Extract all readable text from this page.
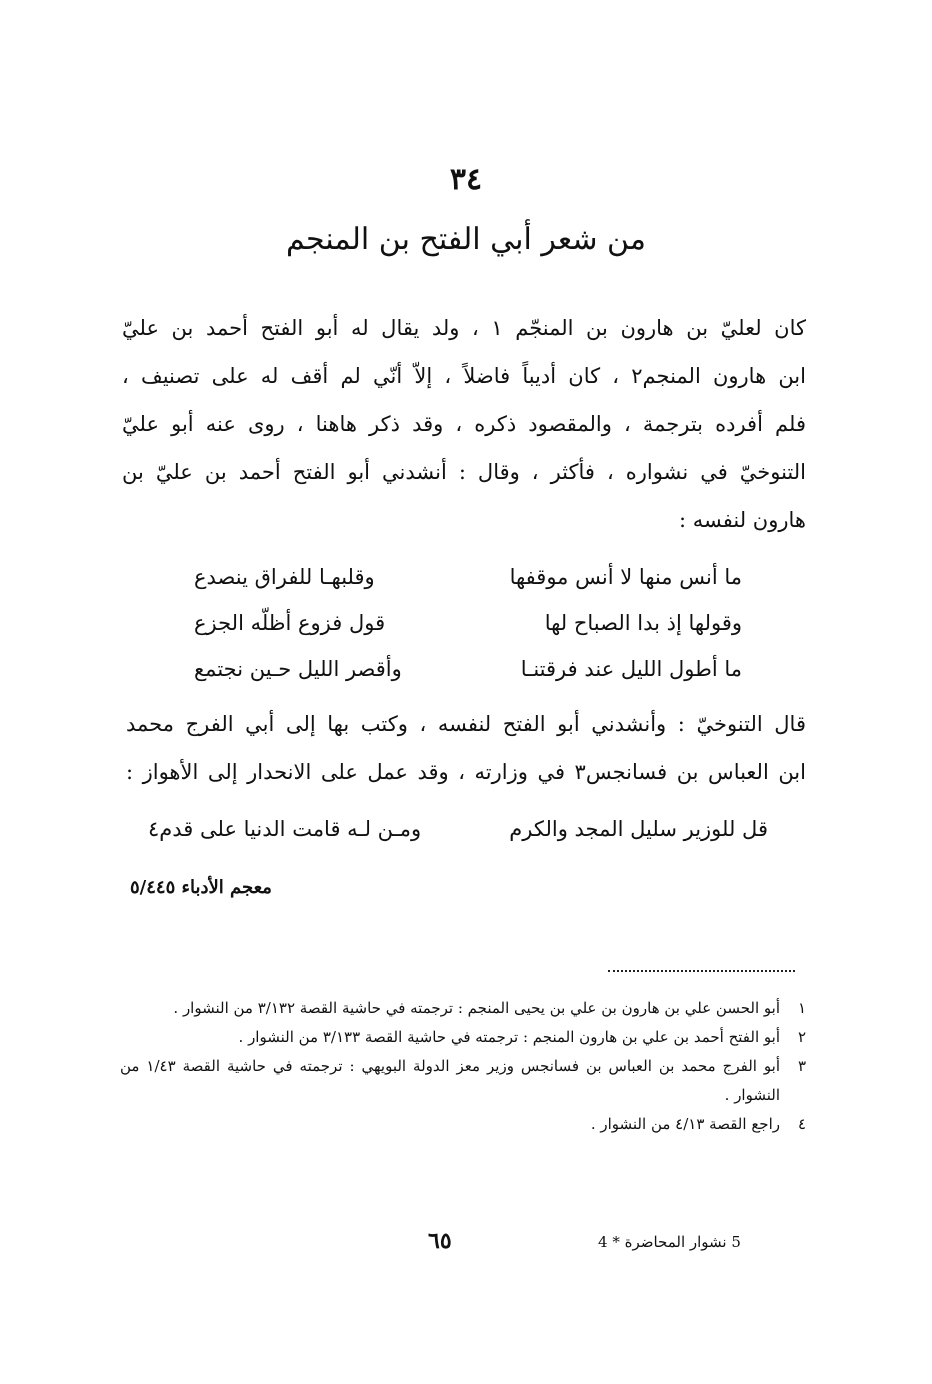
٣٤
من شعر أبي الفتح بن المنجم
كان لعليّ بن هارون بن المنجّم ١ ، ولد يقال له أبو الفتح أحمد بن عليّ
ابن هارون المنجم٢ ، كان أديباً فاضلاً ، إلاّ أنّي لم أقف له على تصنيف ،
فلم أفرده بترجمة ، والمقصود ذكره ، وقد ذكر هاهنا ، روى عنه أبو عليّ
التنوخيّ في نشواره ، فأكثر ، وقال : أنشدني أبو الفتح أحمد بن عليّ بن
هارون لنفسه :
ما أنس منها لا أنس موقفها
وقلبهـا للفراق ينصدع
وقولها إذ بدا الصباح لها
قول فزوع أظلّه الجزع
ما أطول الليل عند فرقتنـا
وأقصر الليل حـين نجتمع
قال التنوخيّ : وأنشدني أبو الفتح لنفسه ، وكتب بها إلى أبي الفرج محمد
ابن العباس بن فسانجس٣ في وزارته ، وقد عمل على الانحدار إلى الأهواز :
قل للوزير سليل المجد والكرم
ومـن لـه قامت الدنيا على قدم٤
معجم الأدباء ٥/٤٤٥
١
أبو الحسن علي بن هارون بن علي بن يحيى المنجم : ترجمته في حاشية القصة ٣/١٣٢ من النشوار .
٢
أبو الفتح أحمد بن علي بن هارون المنجم : ترجمته في حاشية القصة ٣/١٣٣ من النشوار .
٣
أبو الفرج محمد بن العباس بن فسانجس وزير معز الدولة البويهي : ترجمته في حاشية القصة ١/٤٣ من النشوار .
٤
راجع القصة ٤/١٣ من النشوار .
٦٥	5 نشوار المحاضرة * 4
